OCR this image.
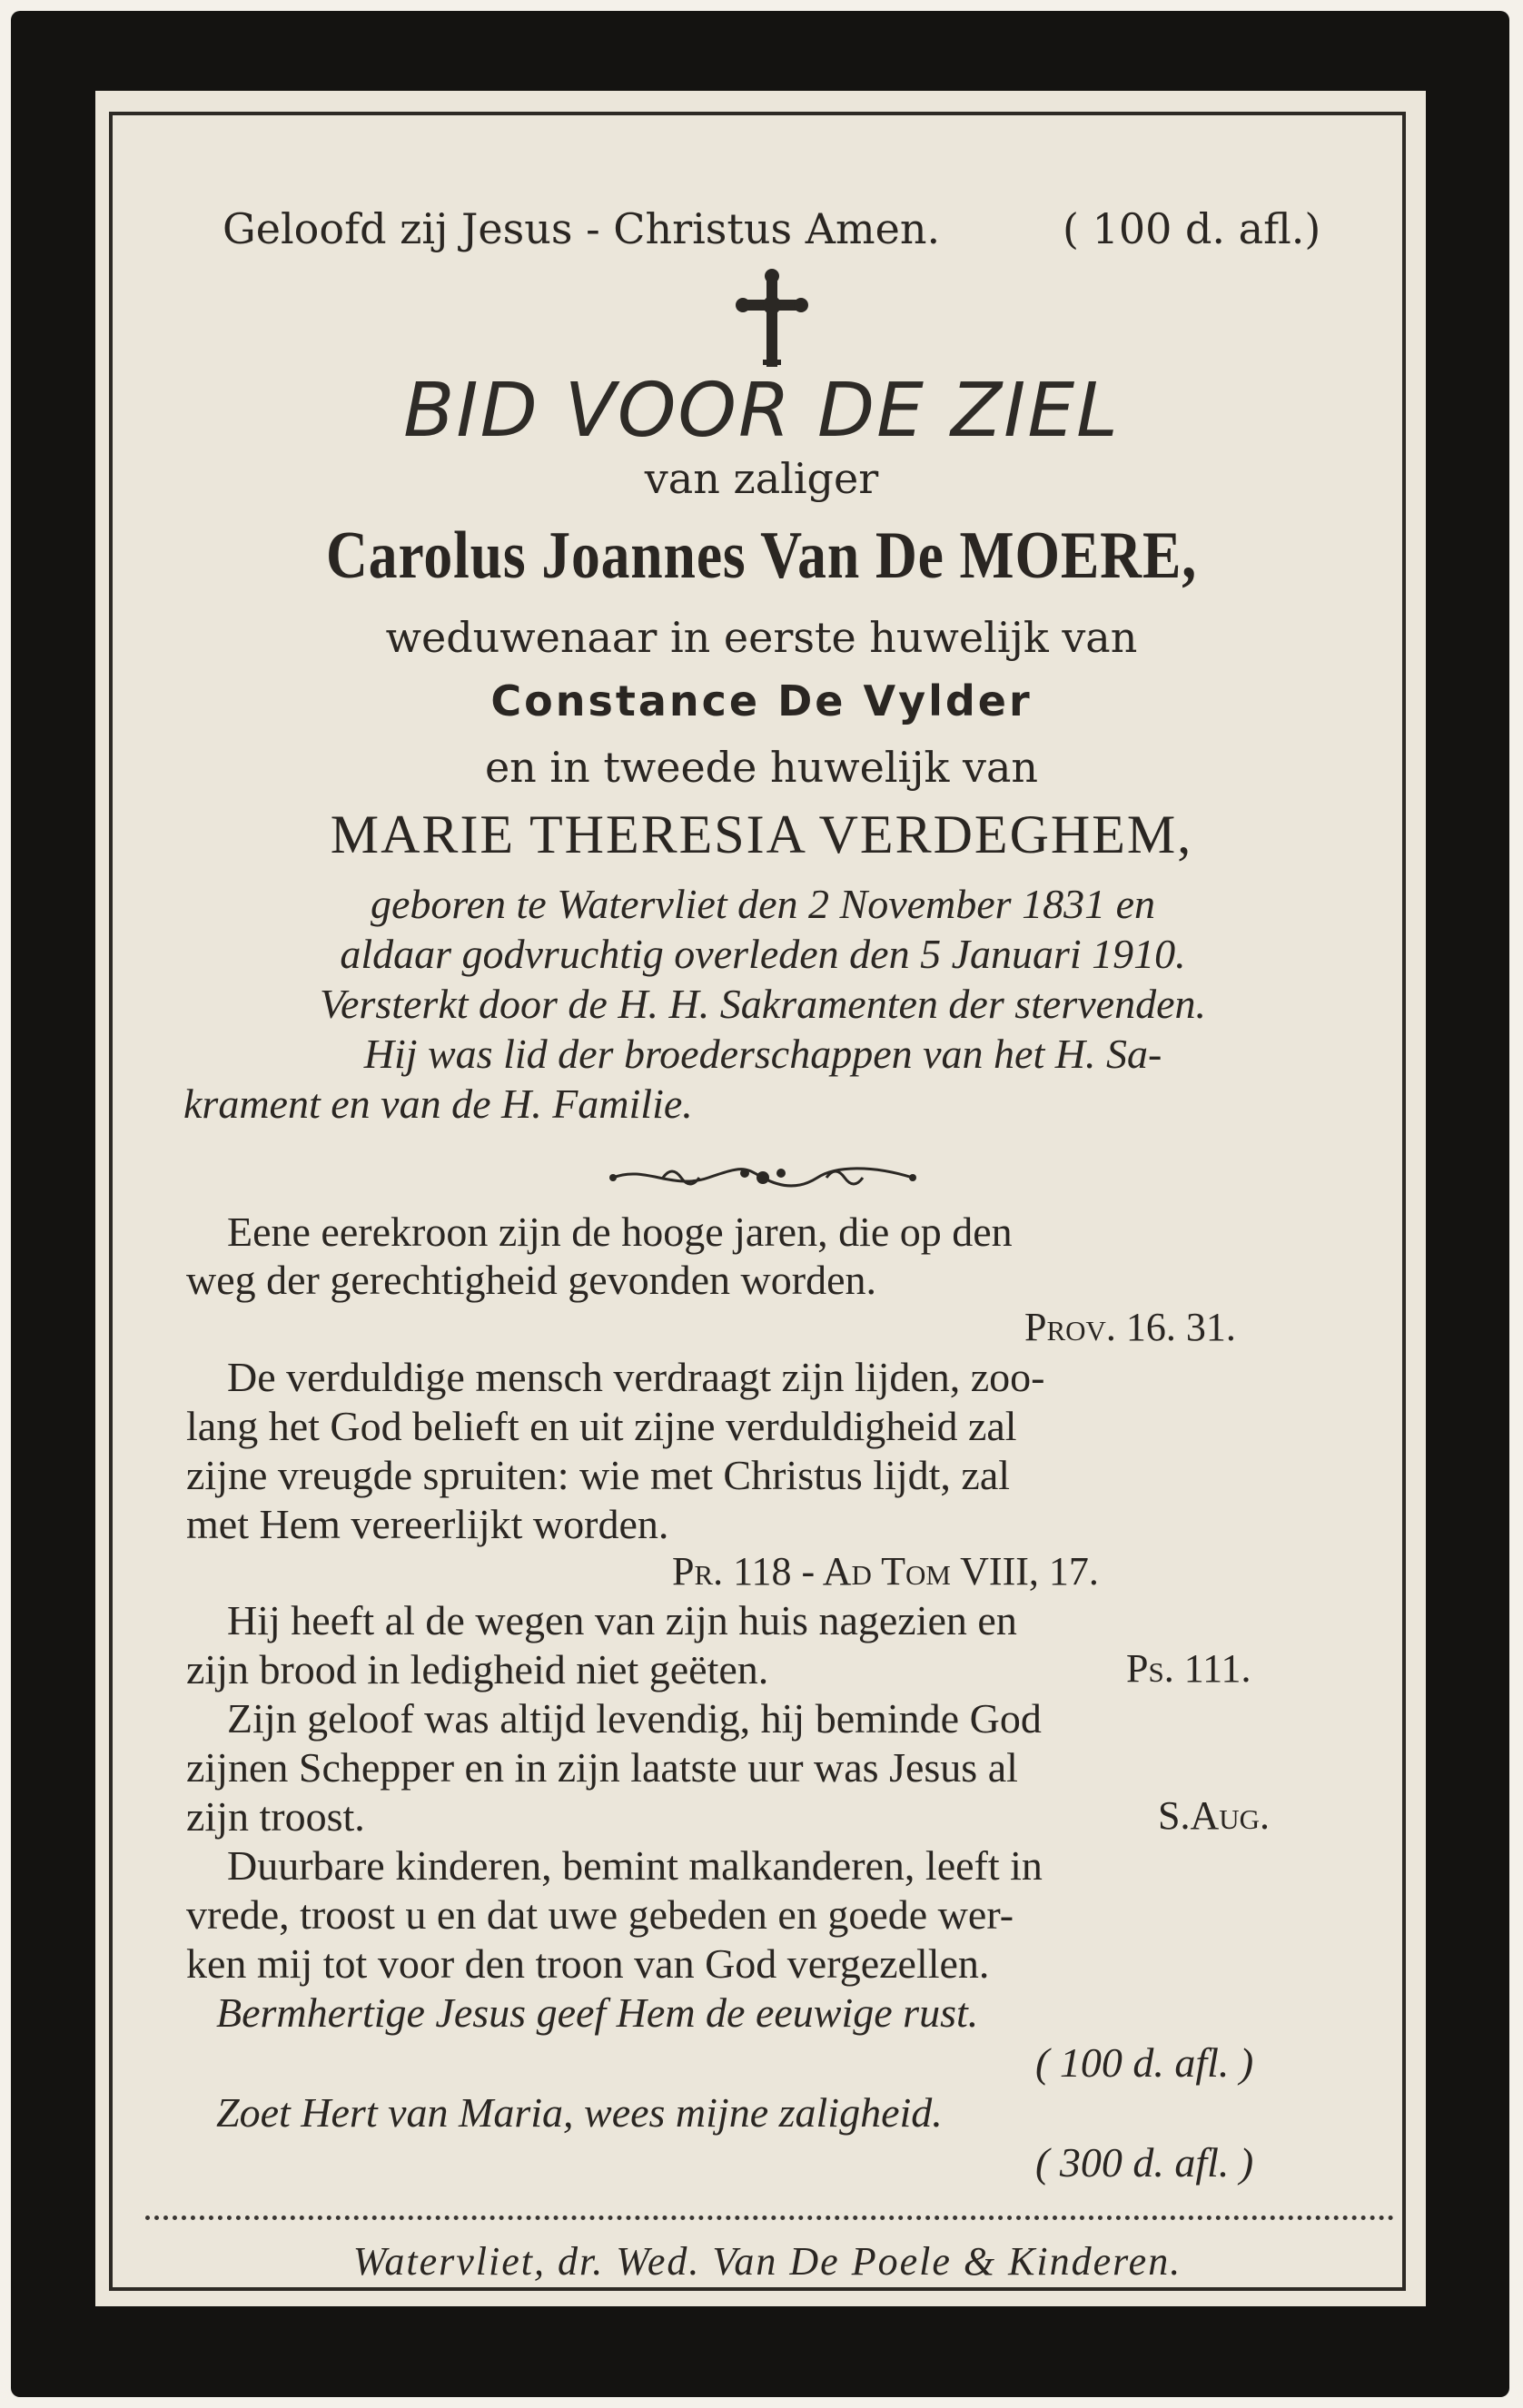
Geloofd zij Jesus - Christus Amen.	( 100 d. afl.)
BID VOOR DE ZIEL
van zaliger
Carolus Joannes Van De MOERE,
weduwenaar in eerste huwelijk van
Constance De Vylder
en in tweede huwelijk van
MARIE THERESIA VERDEGHEM,
geboren te Watervliet den 2 November 1831 en
aldaar godvruchtig overleden den 5 Januari 1910.
Versterkt door de H. H. Sakramenten der stervenden.
Hij was lid der broederschappen van het H. Sa-
krament en van de H. Familie.
Eene eerekroon zijn de hooge jaren, die op den
weg der gerechtigheid gevonden worden.
Prov. 16. 31.
De verduldige mensch verdraagt zijn lijden, zoo-
lang het God belieft en uit zijne verduldigheid zal
zijne vreugde spruiten: wie met Christus lijdt, zal
met Hem vereerlijkt worden.
Pr. 118 - Ad Tom VIII, 17.
Hij heeft al de wegen van zijn huis nagezien en
zijn brood in ledigheid niet geëten.	Ps. 111.
Zijn geloof was altijd levendig, hij beminde God
zijnen Schepper en in zijn laatste uur was Jesus al
zijn troost.	S.Aug.
Duurbare kinderen, bemint malkanderen, leeft in
vrede, troost u en dat uwe gebeden en goede wer-
ken mij tot voor den troon van God vergezellen.
Bermhertige Jesus geef Hem de eeuwige rust.
( 100 d. afl. )
Zoet Hert van Maria, wees mijne zaligheid.
( 300 d. afl. )
Watervliet, dr. Wed. Van De Poele & Kinderen.
